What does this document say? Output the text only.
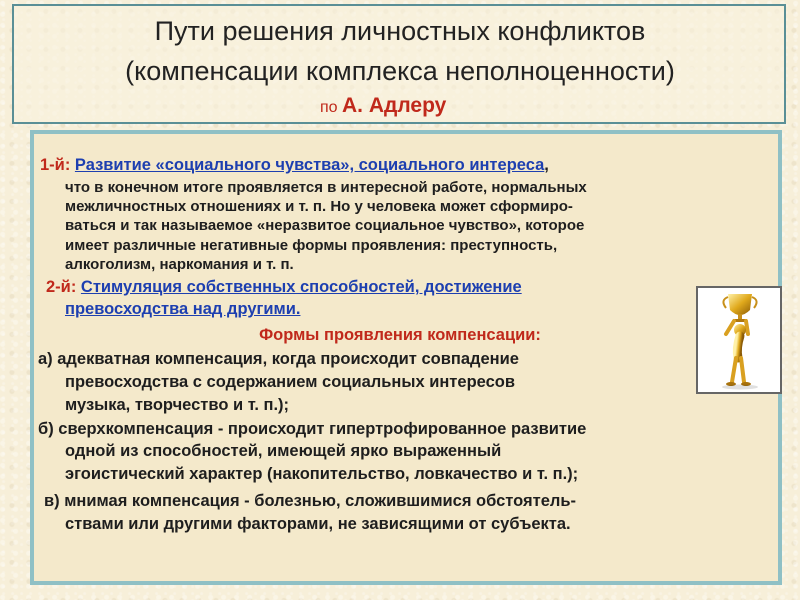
Пути решения личностных конфликтов
(компенсации комплекса неполноценности)
по А. Адлеру
1-й: Развитие «социального чувства», социального интереса,
что в конечном итоге проявляется в интересной работе, нормальных
межличностных отношениях и т. п. Но у человека может сформиро-
ваться и так называемое «неразвитое социальное чувство», которое
имеет различные негативные формы проявления: преступность,
алкоголизм, наркомания и т. п.
2-й: Стимуляция собственных способностей, достижение
превосходства над другими.
Формы проявления компенсации:
а) адекватная компенсация, когда происходит совпадение
превосходства с содержанием социальных интересов
музыка, творчество и т. п.);
б) сверхкомпенсация - происходит гипертрофированное развитие
одной из способностей, имеющей ярко выраженный
эгоистический характер (накопительство, ловкачество и т. п.);
в) мнимая компенсация - болезнью, сложившимися обстоятель-
ствами или другими факторами, не зависящими от субъекта.
